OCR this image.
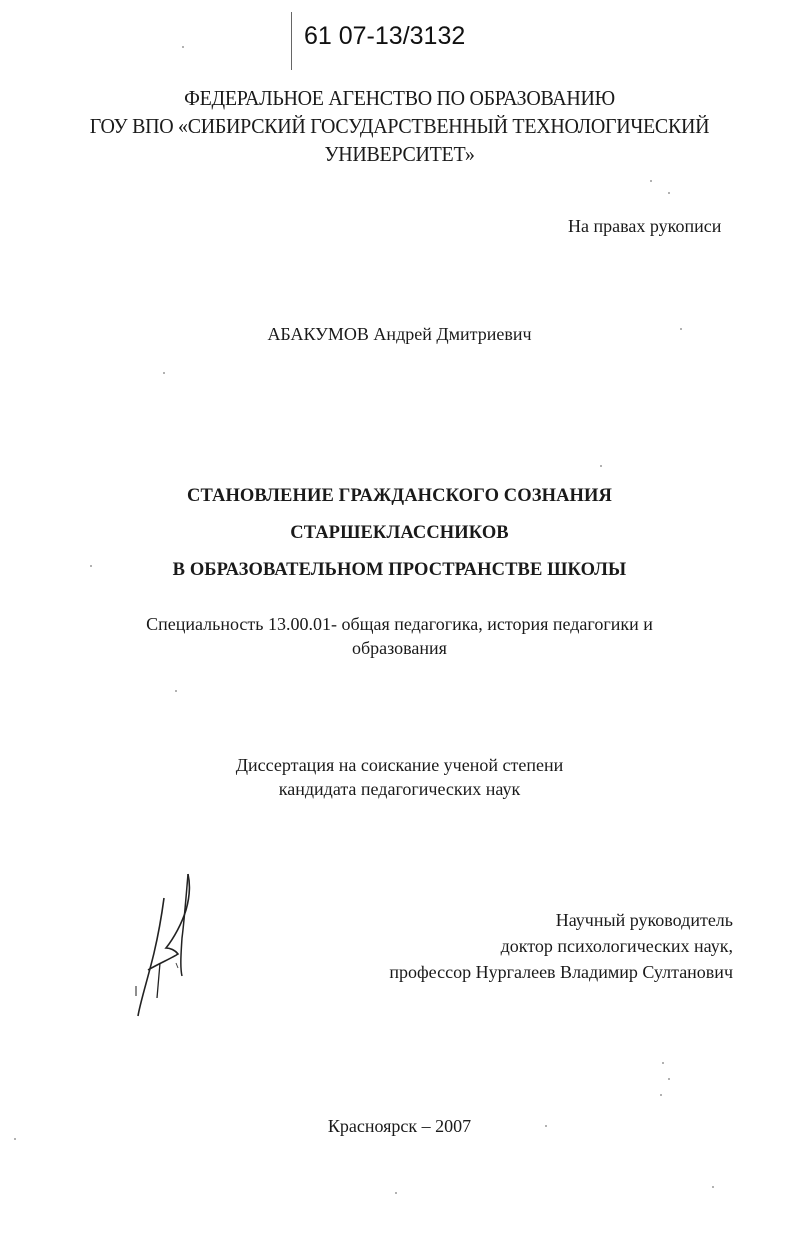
61 07-13/3132
ФЕДЕРАЛЬНОЕ АГЕНСТВО ПО ОБРАЗОВАНИЮ
ГОУ ВПО «СИБИРСКИЙ ГОСУДАРСТВЕННЫЙ ТЕХНОЛОГИЧЕСКИЙ
УНИВЕРСИТЕТ»
На правах рукописи
АБАКУМОВ Андрей Дмитриевич
СТАНОВЛЕНИЕ ГРАЖДАНСКОГО СОЗНАНИЯ
СТАРШЕКЛАССНИКОВ
В ОБРАЗОВАТЕЛЬНОМ ПРОСТРАНСТВЕ ШКОЛЫ
Специальность 13.00.01- общая педагогика, история педагогики и
образования
Диссертация на соискание ученой степени
кандидата педагогических наук
Научный руководитель
доктор психологических наук,
профессор Нургалеев Владимир Султанович
Красноярск – 2007
